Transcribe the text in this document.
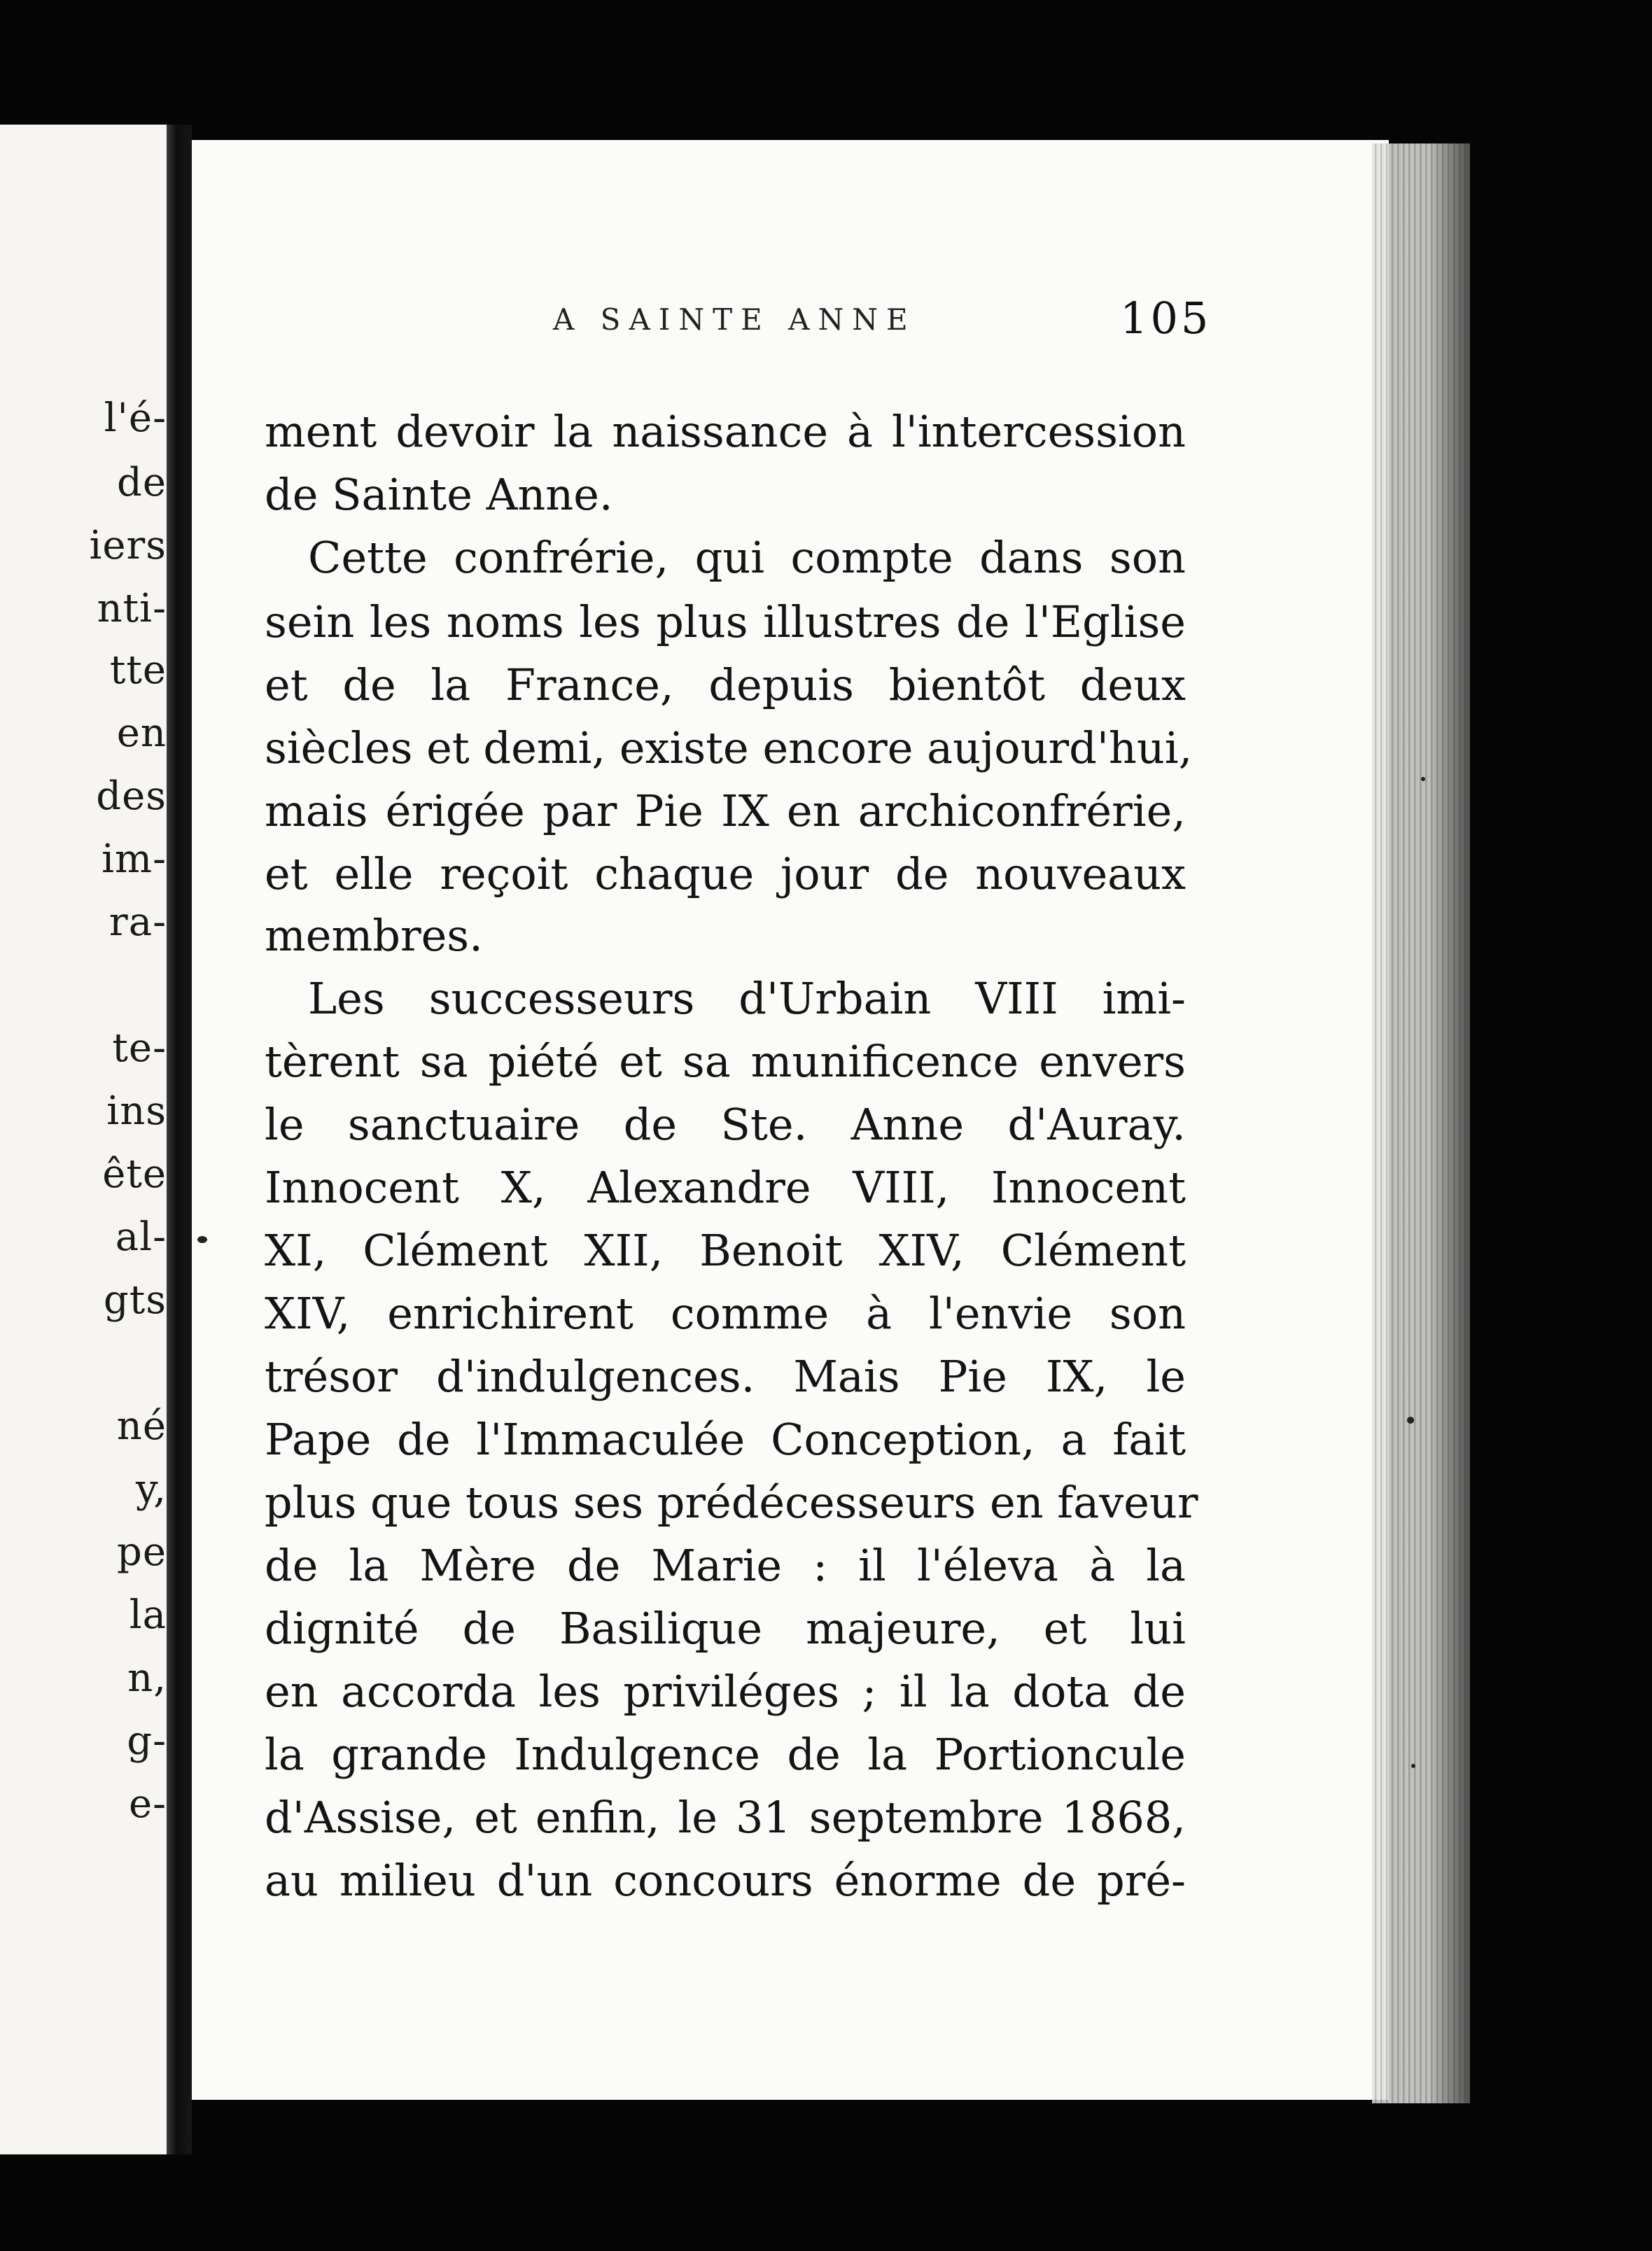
l'é-
de
iers
nti-
tte
en
des
im-
ra-
te-
ins
ête
al-
gts
né
y,
pe
la
n,
g-
e-
A SAINTE ANNE	105
ment devoir la naissance à l'intercession
de Sainte Anne.
Cette confrérie, qui compte dans son
sein les noms les plus illustres de l'Eglise
et de la France, depuis bientôt deux
siècles et demi, existe encore aujourd'hui,
mais érigée par Pie IX en archiconfrérie,
et elle reçoit chaque jour de nouveaux
membres.
Les successeurs d'Urbain VIII imi-
tèrent sa piété et sa munificence envers
le sanctuaire de Ste. Anne d'Auray.
Innocent X, Alexandre VIII, Innocent
XI, Clément XII, Benoit XIV, Clément
XIV, enrichirent comme à l'envie son
trésor d'indulgences. Mais Pie IX, le
Pape de l'Immaculée Conception, a fait
plus que tous ses prédécesseurs en faveur
de la Mère de Marie : il l'éleva à la
dignité de Basilique majeure, et lui
en accorda les priviléges ; il la dota de
la grande Indulgence de la Portioncule
d'Assise, et enfin, le 31 septembre 1868,
au milieu d'un concours énorme de pré-
